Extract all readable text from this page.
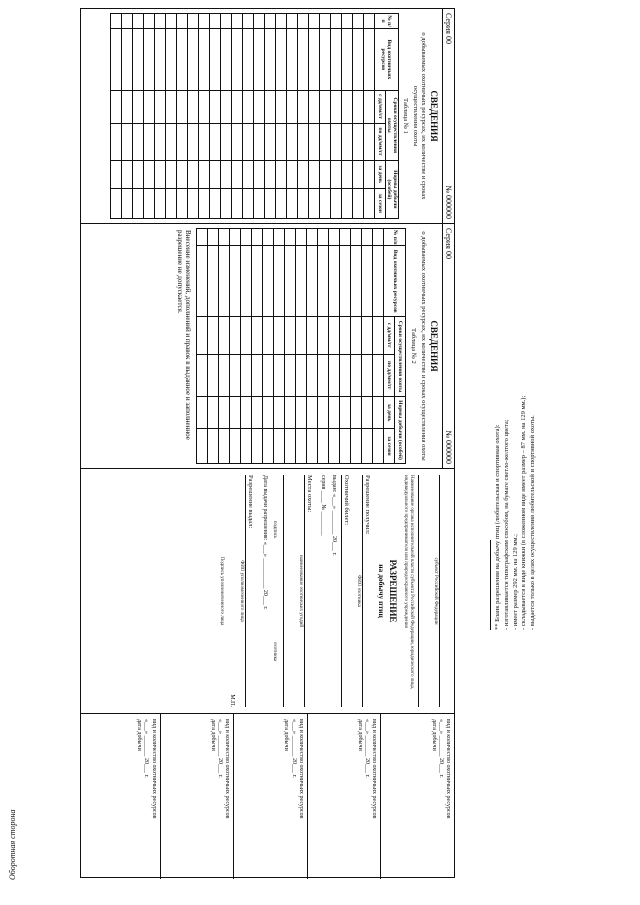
Оборотная сторона
Серия 00
№ 000000
СВЕДЕНИЯ
о добываемых охотничьих ресурсах, их количестве и сроках осуществления охоты
Таблица № 1
№ п/п	Вид охотничьих ресурсов	Сроки осуществления охоты		Нормы добычи (особей)	
		с дд/мм/гг	по дд/мм/гг	за день	за сезон

Серия 00
№ 000000
СВЕДЕНИЯ
о добываемых охотничьих ресурсах, их количестве и сроках осуществления охоты
Таблица № 2
№ п/п	Вид охотничьих ресурсов	Сроки осуществления охоты		Нормы добычи (особей)	
		с дд/мм/гг	по дд/мм/гг	за день	за сезон

Внесение изменений, дополнений и правок в выданное и заполненное разрешение не допускается.
субъект Российской Федерации
Наименование органа исполнительной власти субъекта Российской Федерации, юридического лица, индивидуального предпринимателя или природоохранного учреждения
РАЗРЕШЕНИЕ
на добычу птиц
Разрешение получил:
ФИО охотника
Охотничий билет:
выдан: «___» ________ 20___ г.
серия ____ № ________
Места охоты:
наименование охотничьих угодий
подпись
охотника
Дата выдачи разрешения: «___» __________ 20___ г.
Разрешение выдал:
ФИО уполномоченного лица
М.П.
Подпись уполномоченного лица
вид и количество охотничьих ресурсов
«___» _______ 20___ г.
дата добычи
вид и количество охотничьих ресурсов
«___» _______ 20___ г.
дата добычи
вид и количество охотничьих ресурсов
«___» _______ 20___ г.
дата добычи
вид и количество охотничьих ресурсов
«___» _______ 20___ г.
дата добычи
вид и количество охотничьих ресурсов
«___» _______ 20___ г.
дата добычи
** Бланк разрешения на добычу птиц (любительская и спортивная охота): - изготавливается типографским способом, на бумаге светло-желтого цвета; - имеет размер 292 мм. на 129 мм.; - складывается в виде книжки (в сложенном виде имеет размер – 87 мм. на 129 мм.); - выдается только в целях осуществления любительской и спортивной охоты.
